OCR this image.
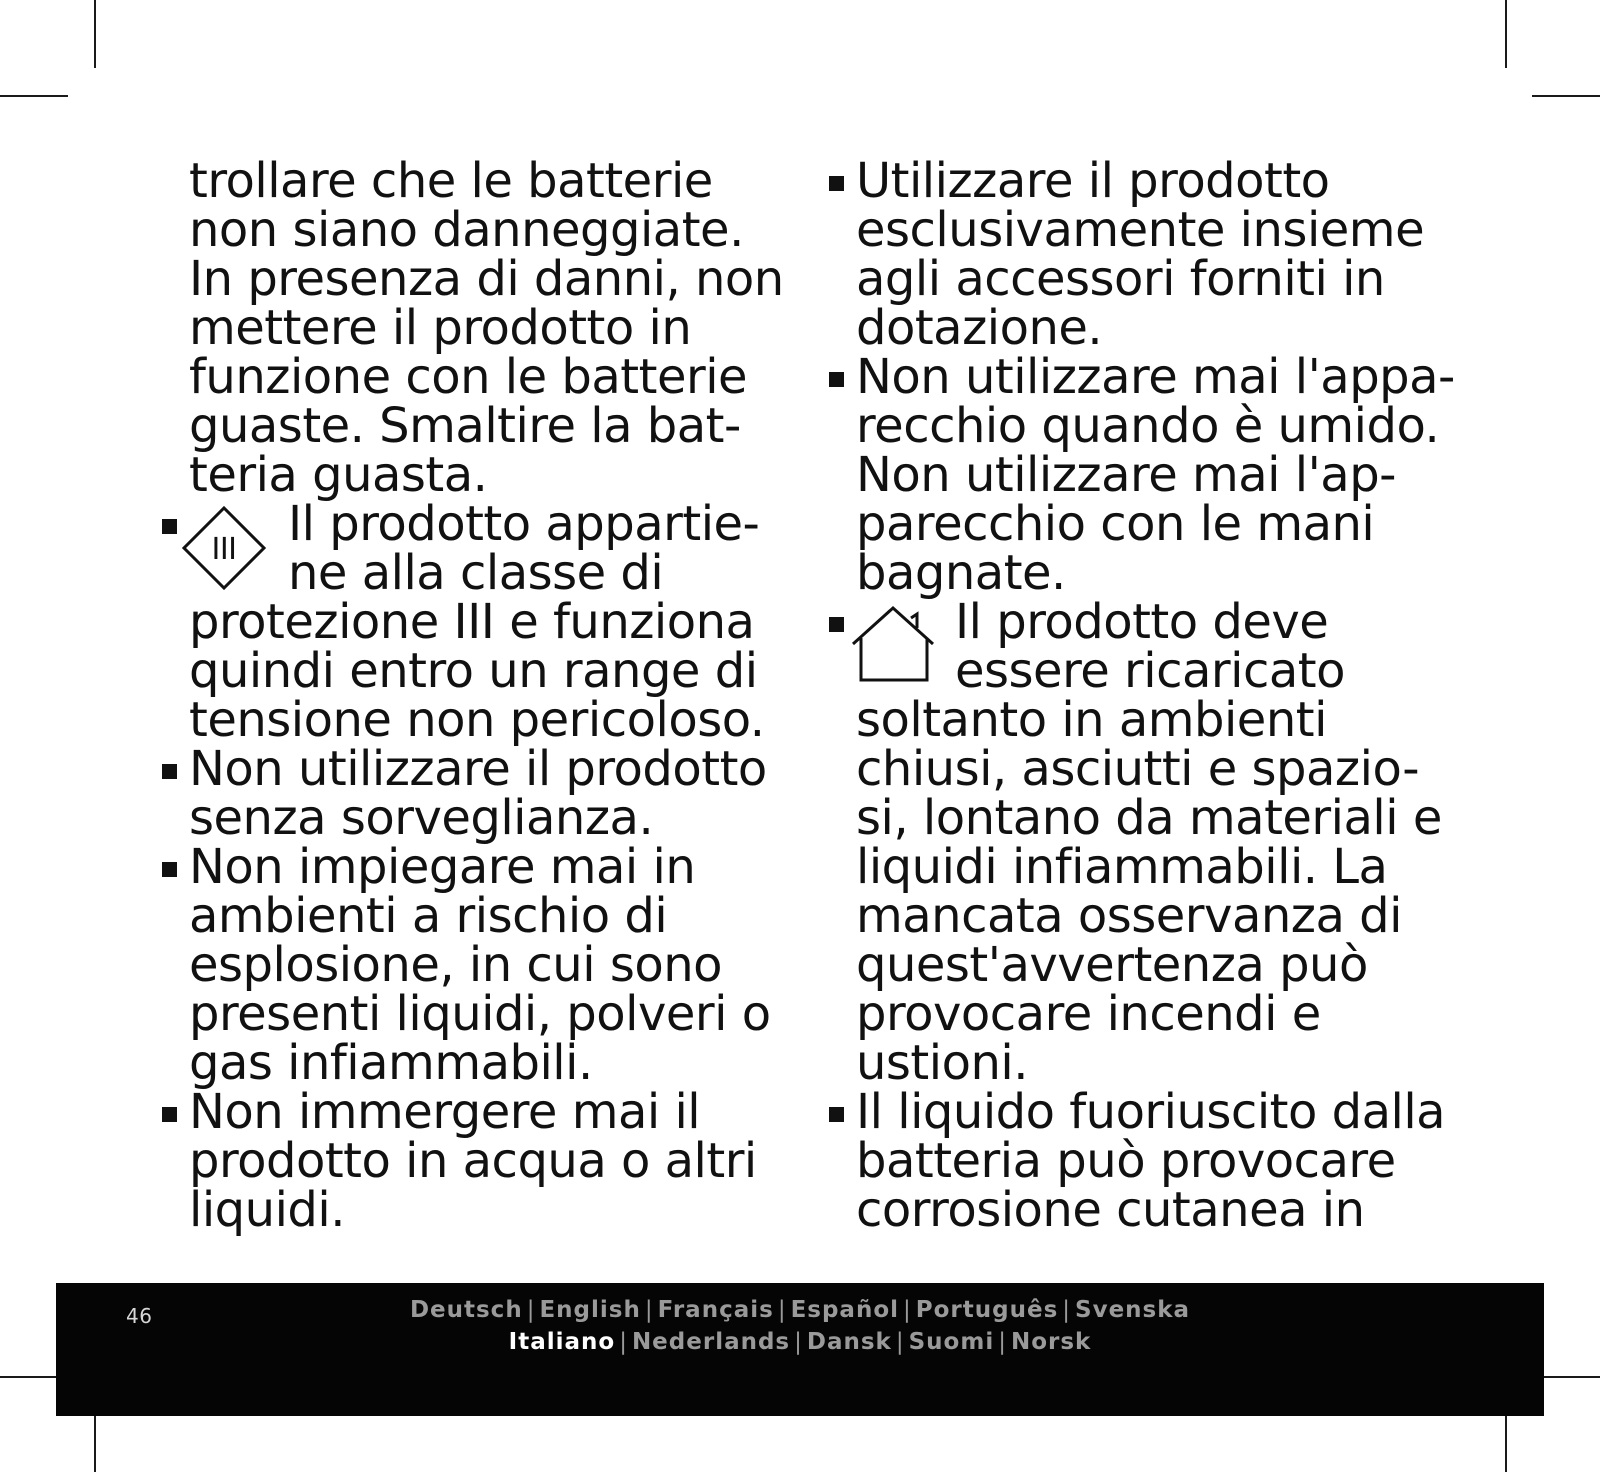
trollare che le batterie
non siano danneggiate.
In presenza di danni, non
mettere il prodotto in
funzione con le batterie
guaste. Smaltire la bat-
teria guasta.
III Il prodotto appartie-
ne alla classe di
protezione III e funziona
quindi entro un range di
tensione non pericoloso.
Non utilizzare il prodotto
senza sorveglianza.
Non impiegare mai in
ambienti a rischio di
esplosione, in cui sono
presenti liquidi, polveri o
gas infiammabili.
Non immergere mai il
prodotto in acqua o altri
liquidi.
Utilizzare il prodotto
esclusivamente insieme
agli accessori forniti in
dotazione.
Non utilizzare mai l'appa-
recchio quando è umido.
Non utilizzare mai l'ap-
parecchio con le mani
bagnate.
Il prodotto deve
essere ricaricato
soltanto in ambienti
chiusi, asciutti e spazio-
si, lontano da materiali e
liquidi infiammabili. La
mancata osservanza di
quest'avvertenza può
provocare incendi e
ustioni.
Il liquido fuoriuscito dalla
batteria può provocare
corrosione cutanea in
46	Deutsch | English | Français | Español | Português | Svenska
Italiano | Nederlands | Dansk | Suomi | Norsk
